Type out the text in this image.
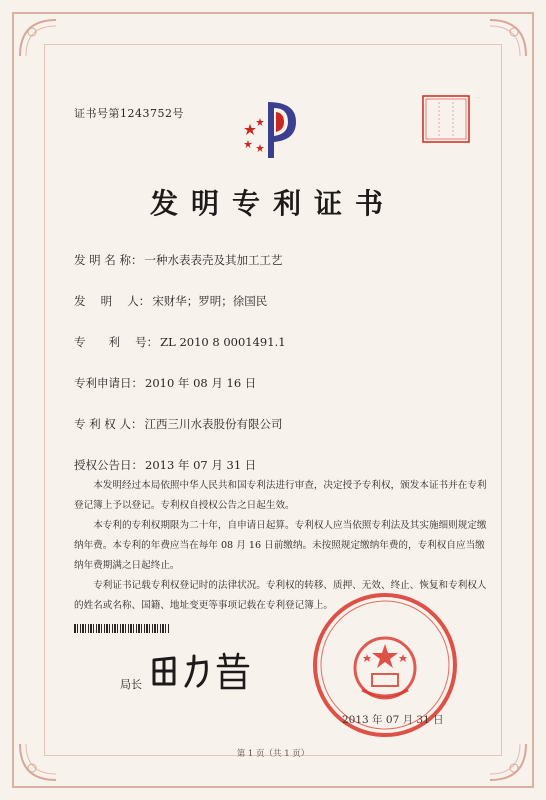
证书号第1243752号
发明专利证书
发 明 名 称： 一种水表表壳及其加工工艺
发　 明　 人： 宋财华；罗明；徐国民
专　　利　 号： ZL 2010 8 0001491.1
专利申请日： 2010 年 08 月 16 日
专 利 权 人： 江西三川水表股份有限公司
授权公告日： 2013 年 07 月 31 日
本发明经过本局依照中华人民共和国专利法进行审查，决定授予专利权，颁发本证书并在专利登记簿上予以登记。专利权自授权公告之日起生效。
本专利的专利权期限为二十年，自申请日起算。专利权人应当依照专利法及其实施细则规定缴纳年费。本专利的年费应当在每年 08 月 16 日前缴纳。未按照规定缴纳年费的，专利权自应当缴纳年费期满之日起终止。
专利证书记载专利权登记时的法律状况。专利权的转移、质押、无效、终止、恢复和专利权人的姓名或名称、国籍、地址变更等事项记载在专利登记簿上。
局长
2013 年 07 月 31 日
第 1 页（共 1 页）
